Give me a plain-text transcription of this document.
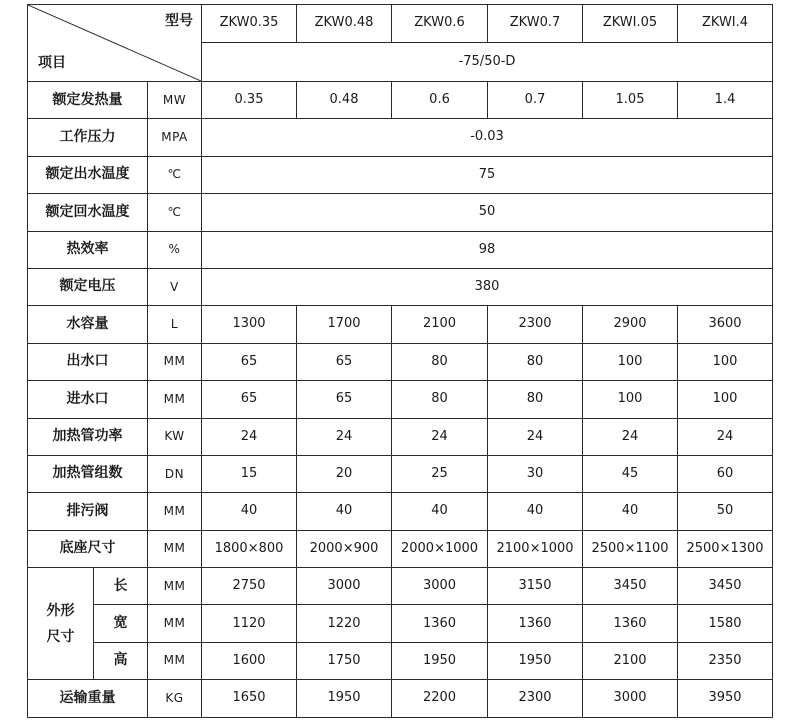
型号
项目			ZKW0.35	ZKW0.48	ZKW0.6	ZKW0.7	ZKWI.05	ZKWI.4
			-75/50-D					
额定发热量		MW	0.35	0.48	0.6	0.7	1.05	1.4
工作压力		MPA	-0.03					
额定出水温度		℃	75					
额定回水温度		℃	50					
热效率		%	98					
额定电压		V	380					
水容量		L	1300	1700	2100	2300	2900	3600
出水口		MM	65	65	80	80	100	100
进水口		MM	65	65	80	80	100	100
加热管功率		KW	24	24	24	24	24	24
加热管组数		DN	15	20	25	30	45	60
排污阀		MM	40	40	40	40	40	50
底座尺寸		MM	1800×800	2000×900	2000×1000	2100×1000	2500×1100	2500×1300
外形尺寸	长	MM	2750	3000	3000	3150	3450	3450
	宽	MM	1120	1220	1360	1360	1360	1580
	高	MM	1600	1750	1950	1950	2100	2350
运输重量		KG	1650	1950	2200	2300	3000	3950
